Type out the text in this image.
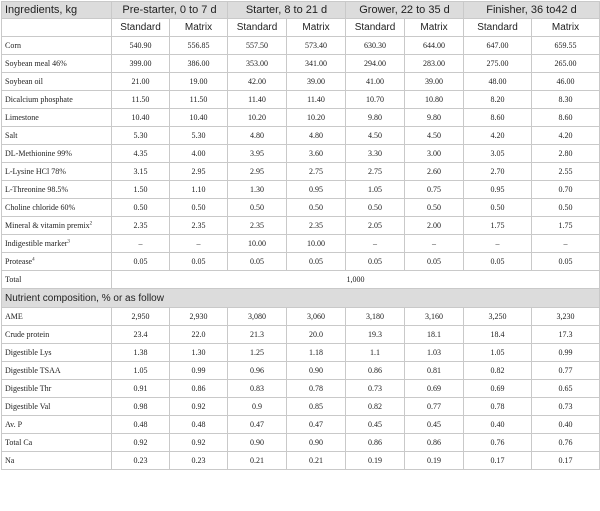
Ingredients, kg	Pre-starter, 0 to 7 d		Starter, 8 to 21 d		Grower, 22 to 35 d		Finisher, 36 to42 d	
	Standard	Matrix	Standard	Matrix	Standard	Matrix	Standard	Matrix
Corn	540.90	556.85	557.50	573.40	630.30	644.00	647.00	659.55
Soybean meal 46%	399.00	386.00	353.00	341.00	294.00	283.00	275.00	265.00
Soybean oil	21.00	19.00	42.00	39.00	41.00	39.00	48.00	46.00
Dicalcium phosphate	11.50	11.50	11.40	11.40	10.70	10.80	8.20	8.30
Limestone	10.40	10.40	10.20	10.20	9.80	9.80	8.60	8.60
Salt	5.30	5.30	4.80	4.80	4.50	4.50	4.20	4.20
DL-Methionine 99%	4.35	4.00	3.95	3.60	3.30	3.00	3.05	2.80
L-Lysine HCl 78%	3.15	2.95	2.95	2.75	2.75	2.60	2.70	2.55
L-Threonine 98.5%	1.50	1.10	1.30	0.95	1.05	0.75	0.95	0.70
Choline chloride 60%	0.50	0.50	0.50	0.50	0.50	0.50	0.50	0.50
Mineral & vitamin premix$^2$	2.35	2.35	2.35	2.35	2.05	2.00	1.75	1.75
Indigestible marker$^3$	–	–	10.00	10.00	–	–	–	–
Protease$^4$	0.05	0.05	0.05	0.05	0.05	0.05	0.05	0.05
Total	1,000							
Nutrient composition, % or as follow								
AME	2,950	2,930	3,080	3,060	3,180	3,160	3,250	3,230
Crude protein	23.4	22.0	21.3	20.0	19.3	18.1	18.4	17.3
Digestible Lys	1.38	1.30	1.25	1.18	1.1	1.03	1.05	0.99
Digestible TSAA	1.05	0.99	0.96	0.90	0.86	0.81	0.82	0.77
Digestible Thr	0.91	0.86	0.83	0.78	0.73	0.69	0.69	0.65
Digestible Val	0.98	0.92	0.9	0.85	0.82	0.77	0.78	0.73
Av. P	0.48	0.48	0.47	0.47	0.45	0.45	0.40	0.40
Total Ca	0.92	0.92	0.90	0.90	0.86	0.86	0.76	0.76
Na	0.23	0.23	0.21	0.21	0.19	0.19	0.17	0.17
